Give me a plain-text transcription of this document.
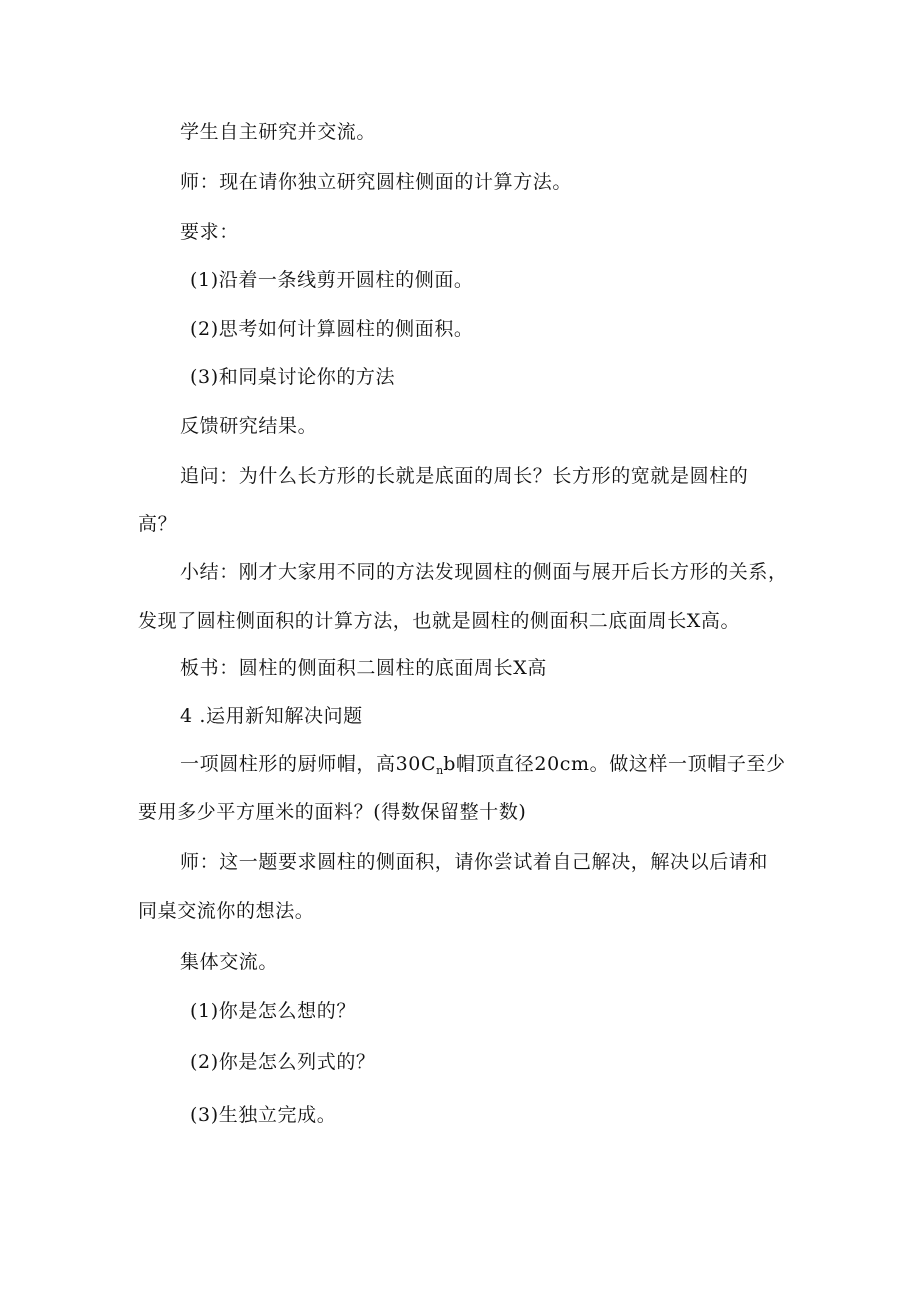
学生自主研究并交流。
师：现在请你独立研究圆柱侧面的计算方法。
要求：
(1)沿着一条线剪开圆柱的侧面。
(2)思考如何计算圆柱的侧面积。
(3)和同桌讨论你的方法
反馈研究结果。
追问：为什么长方形的长就是底面的周长？长方形的宽就是圆柱的
高？
小结：刚才大家用不同的方法发现圆柱的侧面与展开后长方形的关系，
发现了圆柱侧面积的计算方法，也就是圆柱的侧面积二底面周长X高。
板书：圆柱的侧面积二圆柱的底面周长X高
4 .运用新知解决问题
一项圆柱形的厨师帽，高$30C_nb$帽顶直径20cm。做这样一顶帽子至少
要用多少平方厘米的面料？(得数保留整十数)
师：这一题要求圆柱的侧面积，请你尝试着自己解决，解决以后请和
同桌交流你的想法。
集体交流。
(1)你是怎么想的？
(2)你是怎么列式的？
(3)生独立完成。
